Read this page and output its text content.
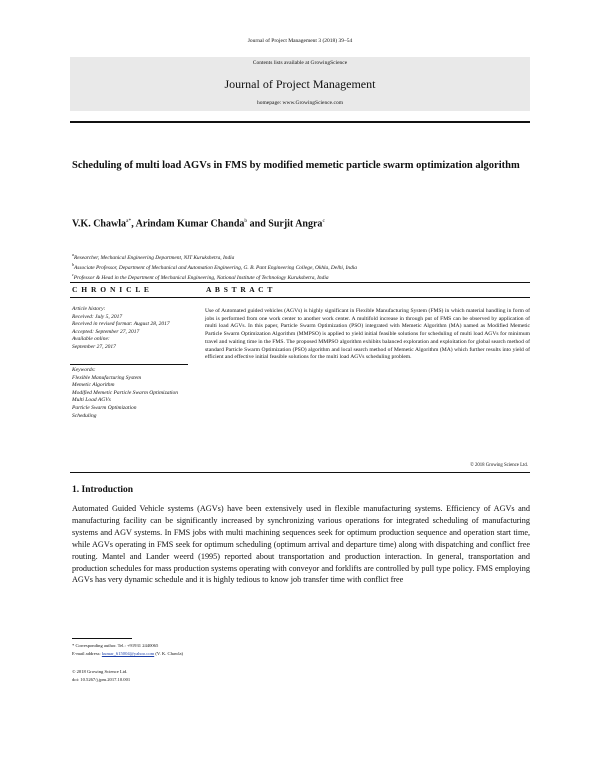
Journal of Project Management 3 (2018) 39–54
Contents lists available at GrowingScience
Journal of Project Management
homepage: www.GrowingScience.com
Scheduling of multi load AGVs in FMS by modified memetic particle swarm optimization algorithm
V.K. Chawla$^{a*}$, Arindam Kumar Chanda$^b$ and Surjit Angra$^c$
$^a$Researcher, Mechanical Engineering Department, NIT Kurukshetra, India
$^b$Associate Professor, Department of Mechanical and Automation Engineering, G. B. Pant Engineering College, Okhla, Delhi, India
$^c$Professor & Head in the Department of Mechanical Engineering, National Institute of Technology Kurukshetra, India
C H R O N I C L E	A B S T R A C T
Article history:
Received: July 5, 2017
Received in revised format: August 28, 2017
Accepted: September 27, 2017
Available online:
September 27, 2017
Keywords:
Flexible Manufacturing System
Memetic Algorithm
Modified Memetic Particle Swarm Optimization
Multi Load AGVs
Particle Swarm Optimization
Scheduling
Use of Automated guided vehicles (AGVs) is highly significant in Flexible Manufacturing System (FMS) in which material handling in form of jobs is performed from one work center to another work center. A multifold increase in through put of FMS can be observed by application of multi load AGVs. In this paper, Particle Swarm Optimization (PSO) integrated with Memetic Algorithm (MA) named as Modified Memetic Particle Swarm Optimization Algorithm (MMPSO) is applied to yield initial feasible solutions for scheduling of multi load AGVs for minimum travel and waiting time in the FMS. The proposed MMPSO algorithm exhibits balanced exploration and exploitation for global search method of standard Particle Swarm Optimization (PSO) algorithm and local search method of Memetic Algorithm (MA) which further results into yield of efficient and effective initial feasible solutions for the multi load AGVs scheduling problem.
© 2018 Growing Science Ltd.
1. Introduction
Automated Guided Vehicle systems (AGVs) have been extensively used in flexible manufacturing systems. Efficiency of AGVs and manufacturing facility can be significantly increased by synchronizing various operations for integrated scheduling of manufacturing systems and AGV systems. In FMS jobs with multi machining sequences seek for optimum production sequence and operation start time, while AGVs operating in FMS seek for optimum scheduling (optimum arrival and departure time) along with dispatching and conflict free routing. Mantel and Lander weerd (1995) reported about transportation and production interaction. In general, transportation and production schedules for mass production systems operating with conveyor and forklifts are controlled by pull type policy. FMS employing AGVs has very dynamic schedule and it is highly tedious to know job transfer time with conflict free
* Corresponding author. Tel.: +91931 2440065
E-mail address: kumar_615004@yahoo.com (V. K. Chawla)
© 2018 Growing Science Ltd.
doi: 10.5267/j.jpm.2017.10.001
